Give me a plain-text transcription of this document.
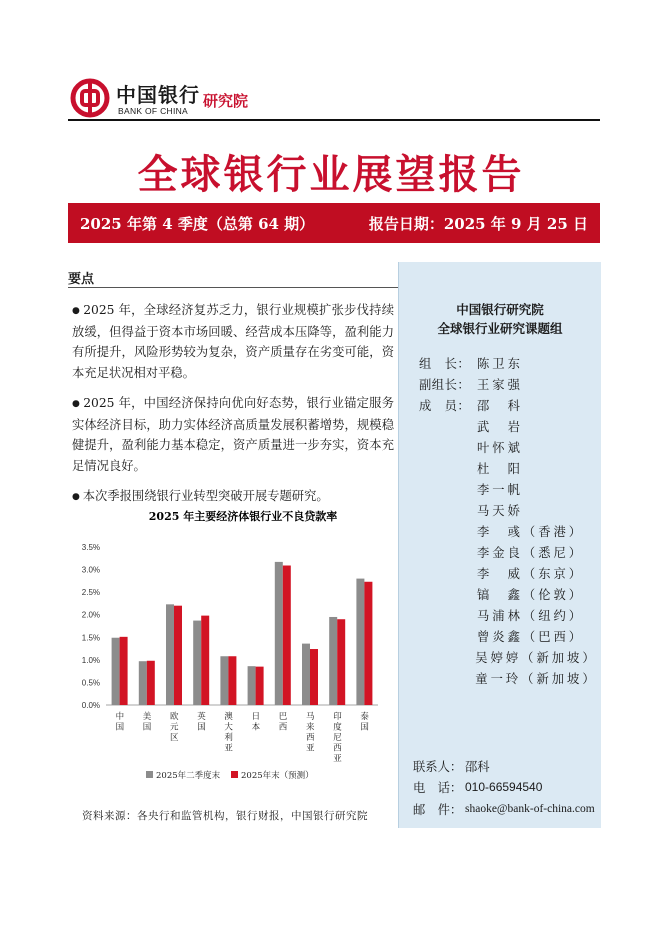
中国银行
BANK OF CHINA
研究院
全球银行业展望报告
2025 年第 4 季度（总第 64 期）	报告日期：2025 年 9 月 25 日
要点

● 2025 年，全球经济复苏乏力，银行业规模扩张步伐持续放缓，但得益于资本市场回暖、经营成本压降等，盈利能力有所提升，风险形势较为复杂，资产质量存在劣变可能，资本充足状况相对平稳。

● 2025 年，中国经济保持向优向好态势，银行业锚定服务实体经济目标，助力实体经济高质量发展积蓄增势，规模稳健提升，盈利能力基本稳定，资产质量进一步夯实，资本充足情况良好。

● 本次季报围绕银行业转型突破开展专题研究。

2025 年主要经济体银行业不良贷款率
0.0%
0.5%
1.0%
1.5%
2.0%
2.5%
3.0%
3.5%
中国
美国
欧元区
英国
澳大利亚
日本
巴西
马来西亚
印度尼西亚
泰国
2025年二季度末 2025年末（预测）
资料来源：各央行和监管机构，银行财报，中国银行研究院
中国银行研究院
全球银行业研究课题组
组　长： 陈卫东
副组长： 王家强
成　员： 邵　科
武　岩
叶怀斌
杜　阳
李一帆
马天娇
李　彧（香港）
李金良（悉尼）
李　威（东京）
镐　鑫（伦敦）
马浦林（纽约）
曾炎鑫（巴西）
吴婷婷（新加坡）
童一玲（新加坡）
联系人： 邵科
电　话： 010-66594540
邮　件： shaoke@bank-of-china.com
